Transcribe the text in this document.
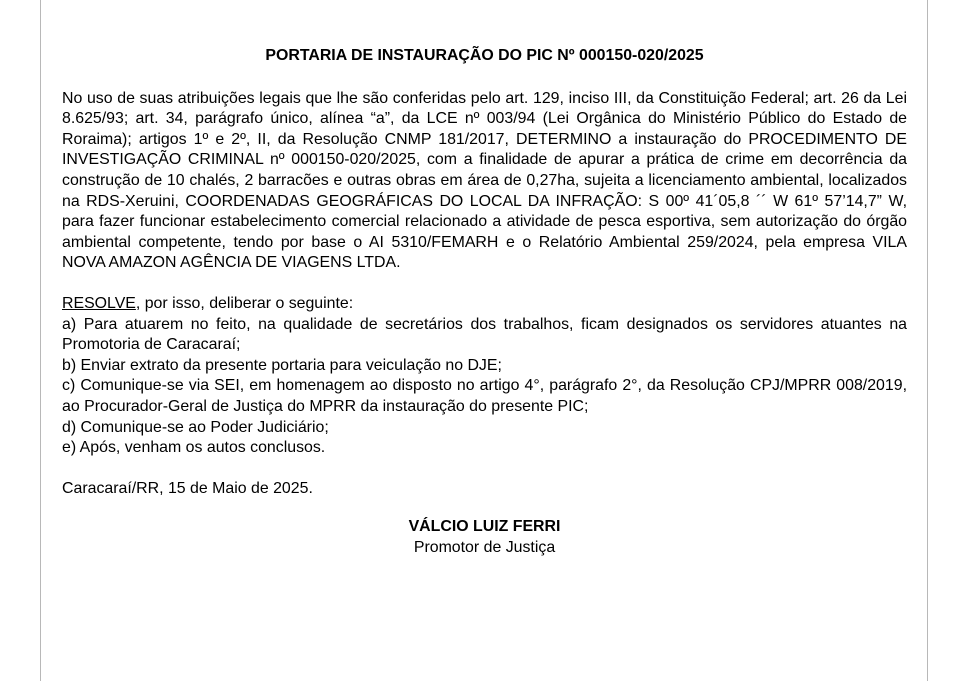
PORTARIA DE INSTAURAÇÃO DO PIC Nº 000150-020/2025

No uso de suas atribuições legais que lhe são conferidas pelo art. 129, inciso III, da Constituição Federal; art. 26 da Lei 8.625/93; art. 34, parágrafo único, alínea “a”, da LCE nº 003/94 (Lei Orgânica do Ministério Público do Estado de Roraima); artigos 1º e 2º, II, da Resolução CNMP 181/2017, DETERMINO a instauração do PROCEDIMENTO DE INVESTIGAÇÃO CRIMINAL nº 000150-020/2025, com a finalidade de apurar a prática de crime em decorrência da construção de 10 chalés, 2 barracões e outras obras em área de 0,27ha, sujeita a licenciamento ambiental, localizados na RDS-Xeruini, COORDENADAS GEOGRÁFICAS DO LOCAL DA INFRAÇÃO: S 00º 41´05,8 ´´ W 61º 57’14,7” W, para fazer funcionar estabelecimento comercial relacionado a atividade de pesca esportiva, sem autorização do órgão ambiental competente, tendo por base o AI 5310/FEMARH e o Relatório Ambiental 259/2024, pela empresa VILA NOVA AMAZON AGÊNCIA DE VIAGENS LTDA.

RESOLVE, por isso, deliberar o seguinte:

a) Para atuarem no feito, na qualidade de secretários dos trabalhos, ficam designados os servidores atuantes na Promotoria de Caracaraí;

b) Enviar extrato da presente portaria para veiculação no DJE;

c) Comunique-se via SEI, em homenagem ao disposto no artigo 4°, parágrafo 2°, da Resolução CPJ/MPRR 008/2019, ao Procurador-Geral de Justiça do MPRR da instauração do presente PIC;

d) Comunique-se ao Poder Judiciário;

e) Após, venham os autos conclusos.

Caracaraí/RR, 15 de Maio de 2025.

VÁLCIO LUIZ FERRI
Promotor de Justiça
